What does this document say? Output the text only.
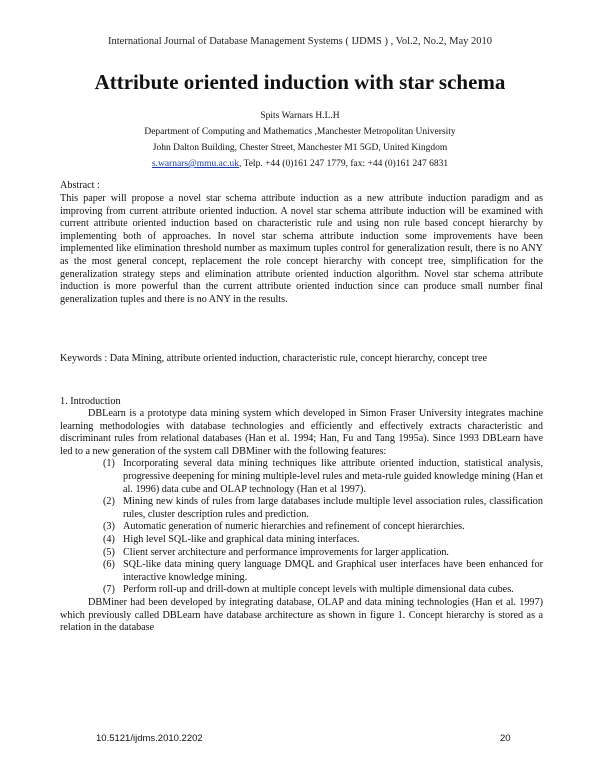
International Journal of Database Management Systems ( IJDMS ) , Vol.2, No.2, May 2010
Attribute oriented induction with star schema
Spits Warnars H.L.H
Department of Computing and Mathematics ,Manchester Metropolitan University
John Dalton Building, Chester Street, Manchester M1 5GD, United Kingdom
s.warnars@mmu.ac.uk, Telp. +44 (0)161 247 1779, fax: +44 (0)161 247 6831
Abstract :

This paper will propose a novel star schema attribute induction as a new attribute induction paradigm and as improving from current attribute oriented induction. A novel star schema attribute induction will be examined with current attribute oriented induction based on characteristic rule and using non rule based concept hierarchy by implementing both of approaches. In novel star schema attribute induction some improvements have been implemented like elimination threshold number as maximum tuples control for generalization result, there is no ANY as the most general concept, replacement the role concept hierarchy with concept tree, simplification for the generalization strategy steps and elimination attribute oriented induction algorithm. Novel star schema attribute induction is more powerful than the current attribute oriented induction since can produce small number final generalization tuples and there is no ANY in the results.

Keywords : Data Mining, attribute oriented induction, characteristic rule, concept hierarchy, concept tree

1. Introduction

DBLearn is a prototype data mining system which developed in Simon Fraser University integrates machine learning methodologies with database technologies and efficiently and effectively extracts characteristic and discriminant rules from relational databases (Han et al. 1994; Han, Fu and Tang 1995a). Since 1993 DBLearn have led to a new generation of the system call DBMiner with the following features:

(1) Incorporating several data mining techniques like attribute oriented induction, statistical analysis, progressive deepening for mining multiple-level rules and meta-rule guided knowledge mining (Han et al. 1996) data cube and OLAP technology (Han et al 1997).
(2) Mining new kinds of rules from large databases include multiple level association rules, classification rules, cluster description rules and prediction.
(3) Automatic generation of numeric hierarchies and refinement of concept hierarchies.
(4) High level SQL-like and graphical data mining interfaces.
(5) Client server architecture and performance improvements for larger application.
(6) SQL-like data mining query language DMQL and Graphical user interfaces have been enhanced for interactive knowledge mining.
(7) Perform roll-up and drill-down at multiple concept levels with multiple dimensional data cubes.

DBMiner had been developed by integrating database, OLAP and data mining technologies (Han et al. 1997) which previously called DBLearn have database architecture as shown in figure 1. Concept hierarchy is stored as a relation in the database

10.5121/ijdms.2010.2202	20
